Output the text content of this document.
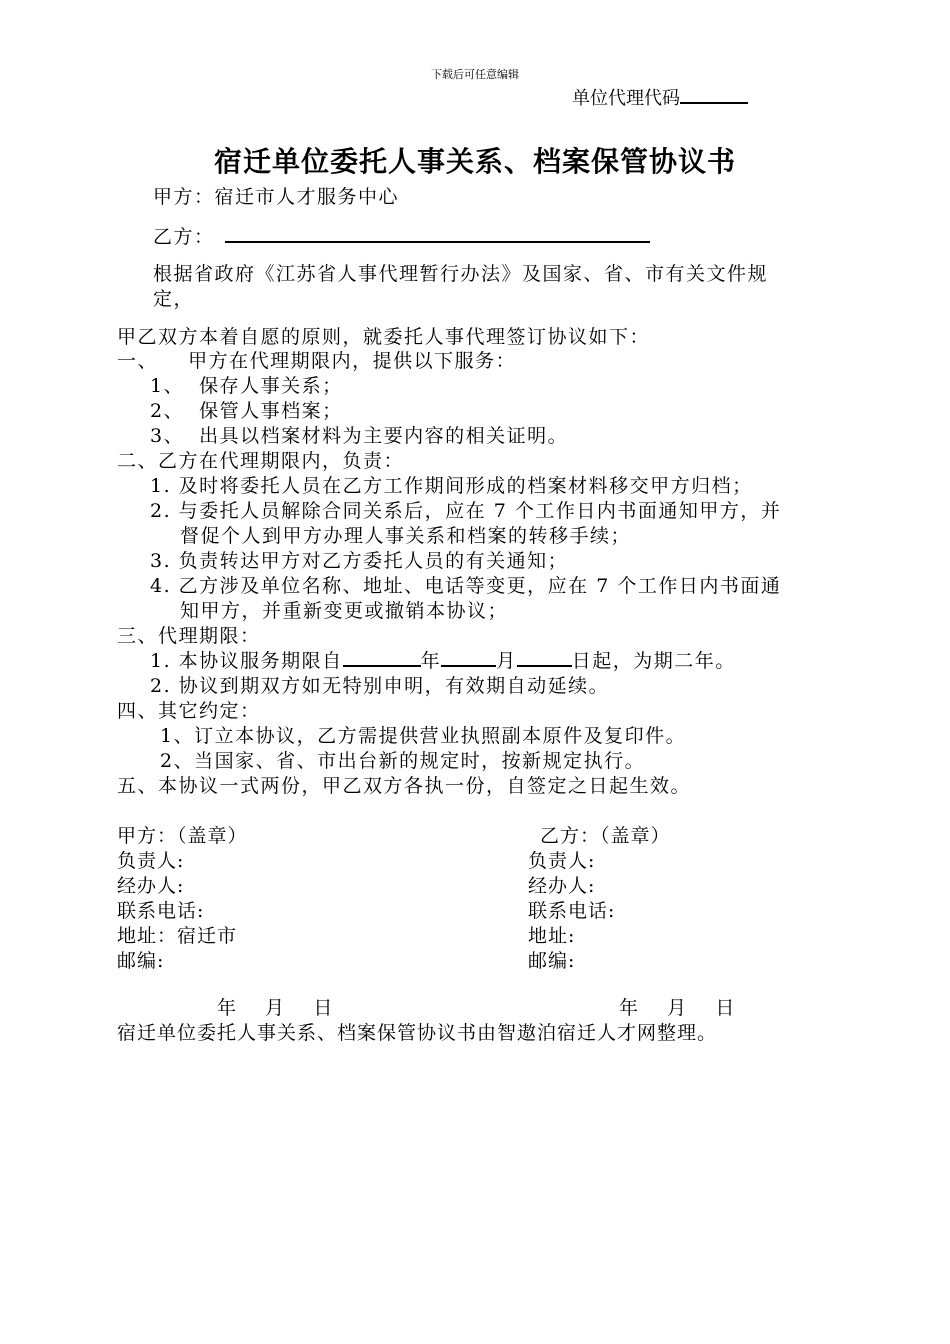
下载后可任意编辑
单位代理代码
宿迁单位委托人事关系、档案保管协议书
甲方：宿迁市人才服务中心
乙方：
根据省政府《江苏省人事代理暂行办法》及国家、省、市有关文件规
定，
甲乙双方本着自愿的原则，就委托人事代理签订协议如下：
一、    甲方在代理期限内，提供以下服务：
1、  保存人事关系；
2、  保管人事档案；
3、  出具以档案材料为主要内容的相关证明。
二、乙方在代理期限内，负责：
1. 及时将委托人员在乙方工作期间形成的档案材料移交甲方归档；
2. 与委托人员解除合同关系后，应在 7 个工作日内书面通知甲方，并
督促个人到甲方办理人事关系和档案的转移手续；
3. 负责转达甲方对乙方委托人员的有关通知；
4. 乙方涉及单位名称、地址、电话等变更，应在 7 个工作日内书面通
知甲方，并重新变更或撤销本协议；
三、代理期限：
1. 本协议服务期限自	年	月	日起，为期二年。
2. 协议到期双方如无特别申明，有效期自动延续。
四、其它约定：
1、订立本协议，乙方需提供营业执照副本原件及复印件。
2、当国家、省、市出台新的规定时，按新规定执行。
五、本协议一式两份，甲乙双方各执一份，自签定之日起生效。
甲方：（盖章）
负责人:
经办人:
联系电话:
地址：宿迁市
邮编:
年    月    日
乙方：（盖章）
负责人:
经办人:
联系电话:
地址:
邮编:
年    月    日
宿迁单位委托人事关系、档案保管协议书由智遨泊宿迁人才网整理。
